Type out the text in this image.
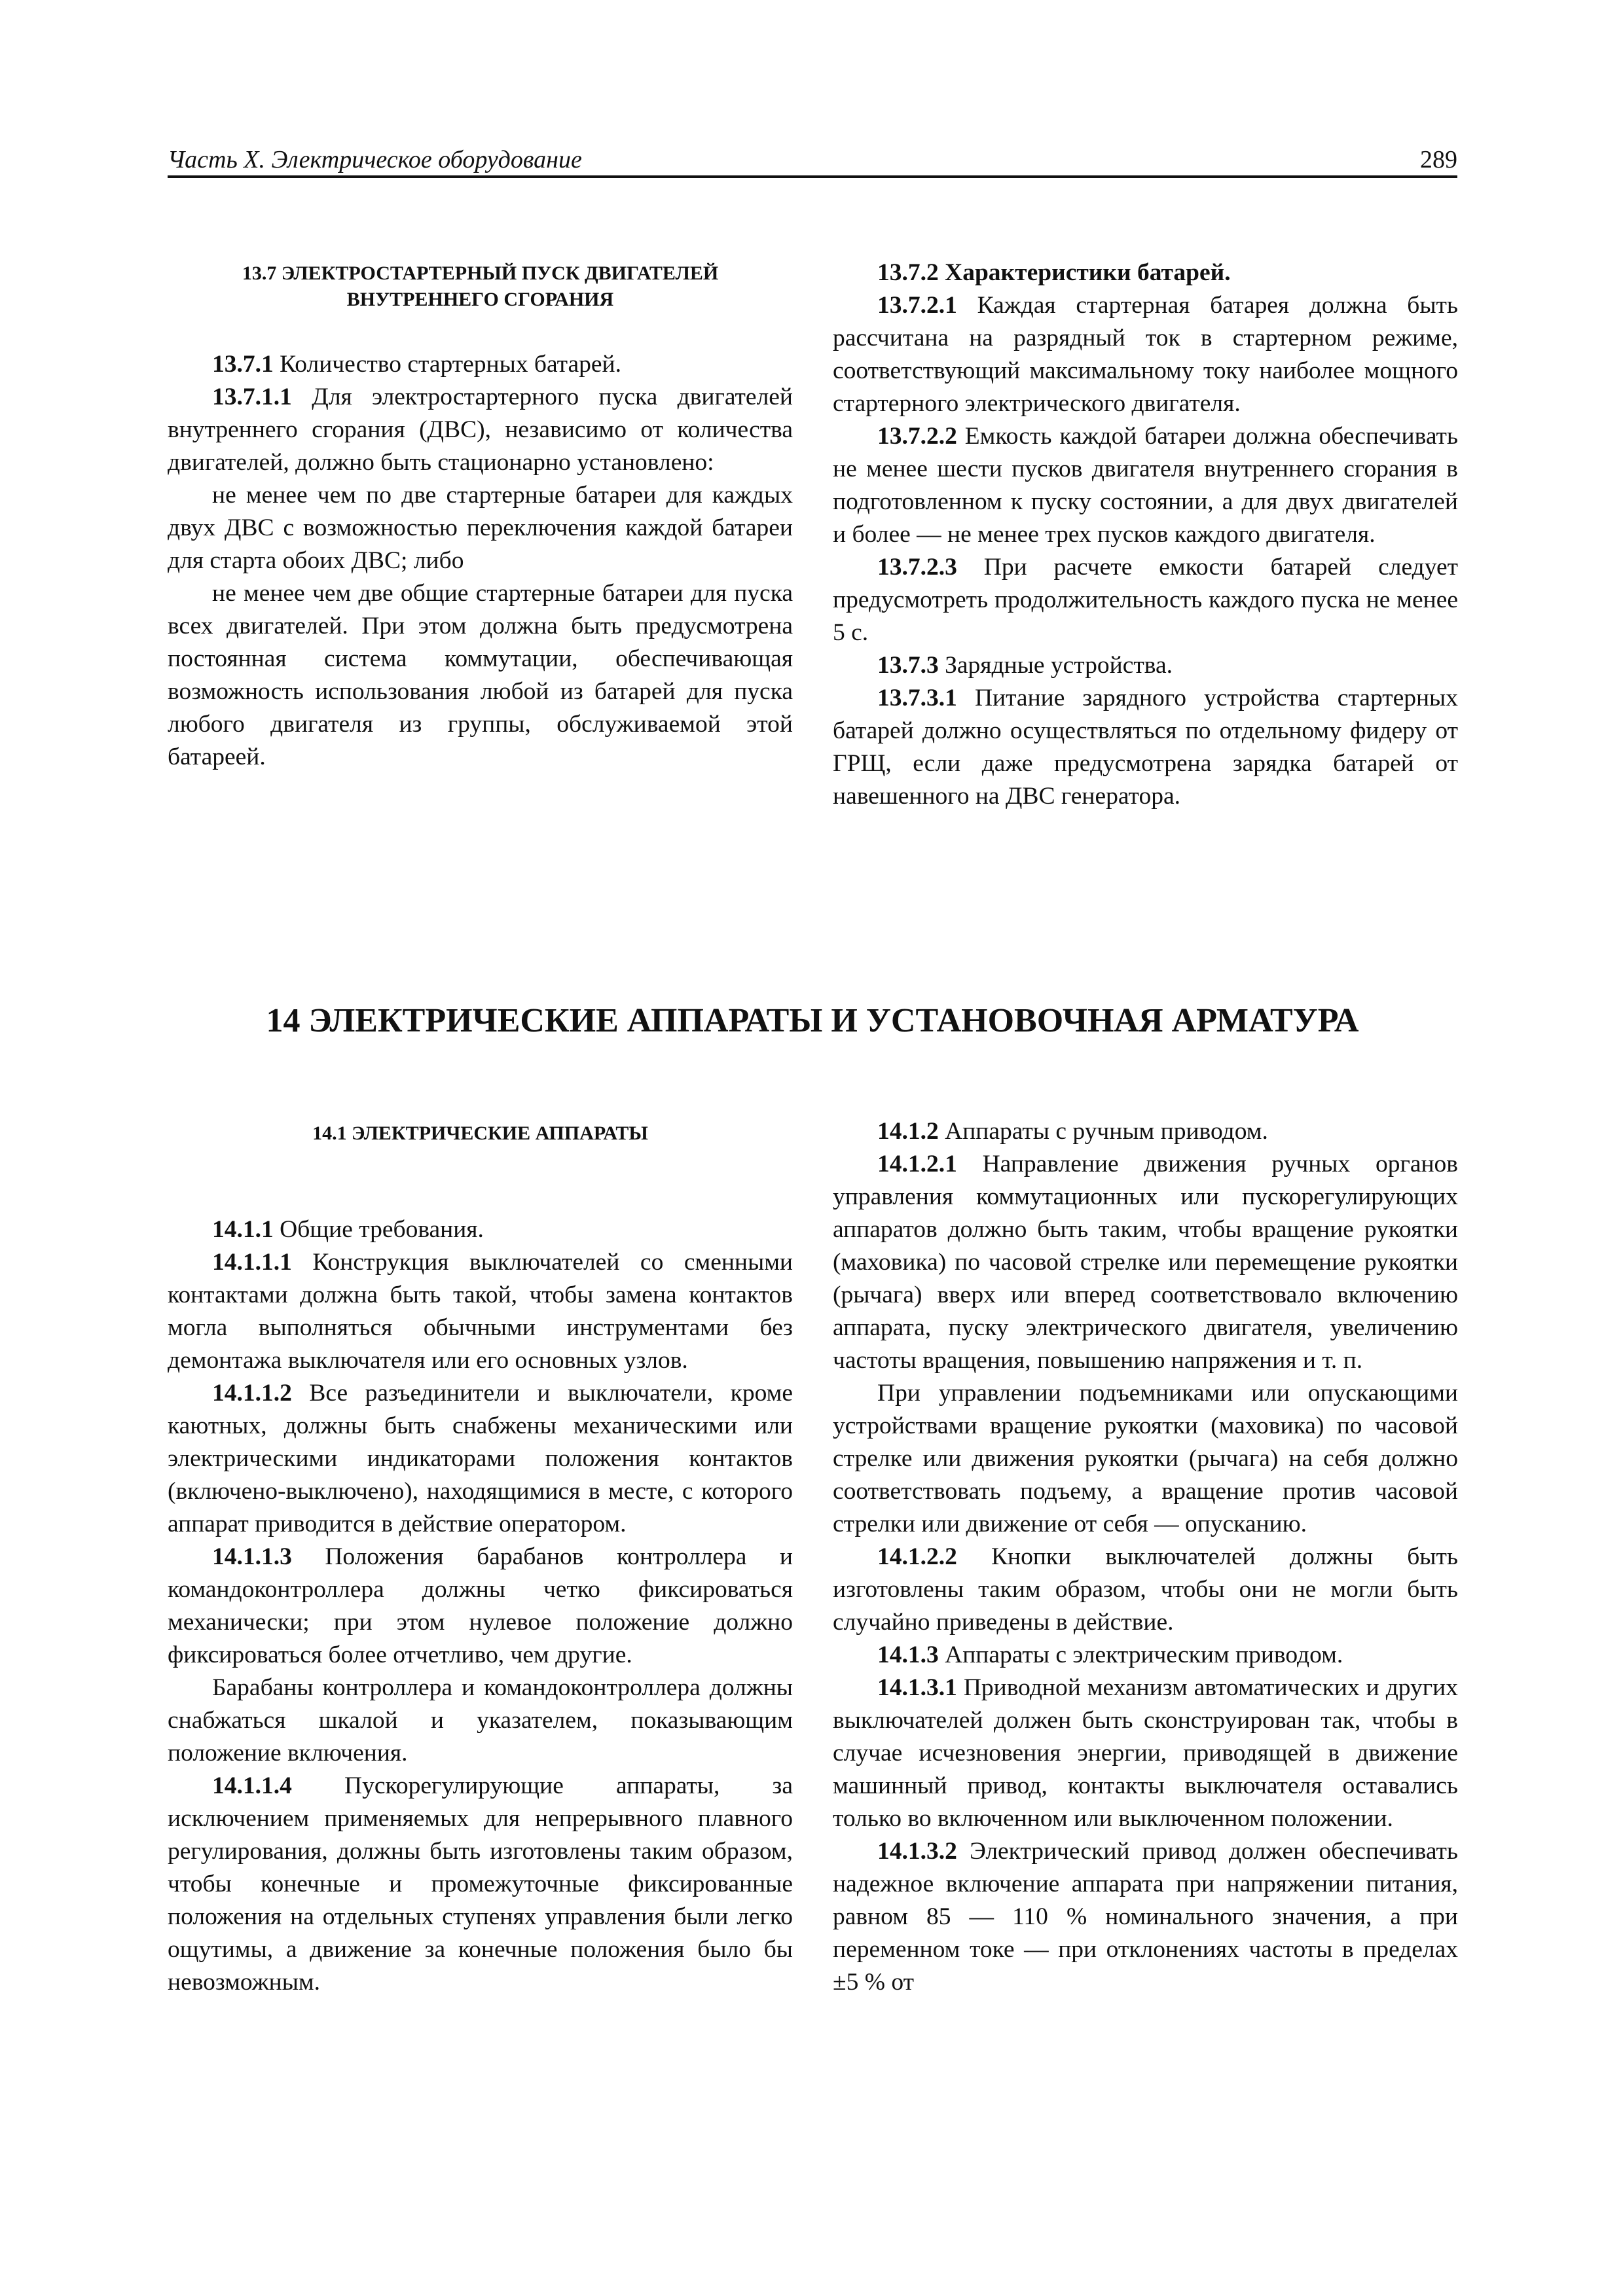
Часть X. Электрическое оборудование	289

13.7 ЭЛЕКТРОСТАРТЕРНЫЙ ПУСК ДВИГАТЕЛЕЙ
ВНУТРЕННЕГО СГОРАНИЯ

13.7.1 Количество стартерных батарей.

13.7.1.1 Для электростартерного пуска двигателей внутреннего сгорания (ДВС), независимо от количества двигателей, должно быть стационарно установлено:

не менее чем по две стартерные батареи для каждых двух ДВС с возможностью переключения каждой батареи для старта обоих ДВС; либо

не менее чем две общие стартерные батареи для пуска всех двигателей. При этом должна быть предусмотрена постоянная система коммутации, обеспечивающая возможность использования любой из батарей для пуска любого двигателя из группы, обслуживаемой этой батареей.

13.7.2 Характеристики батарей.

13.7.2.1 Каждая стартерная батарея должна быть рассчитана на разрядный ток в стартерном режиме, соответствующий максимальному току наиболее мощного стартерного электрического двигателя.

13.7.2.2 Емкость каждой батареи должна обеспечивать не менее шести пусков двигателя внутреннего сгорания в подготовленном к пуску состоянии, а для двух двигателей и более — не менее трех пусков каждого двигателя.

13.7.2.3 При расчете емкости батарей следует предусмотреть продолжительность каждого пуска не менее 5 с.

13.7.3 Зарядные устройства.

13.7.3.1 Питание зарядного устройства стартерных батарей должно осуществляться по отдельному фидеру от ГРЩ, если даже предусмотрена зарядка батарей от навешенного на ДВС генератора.

14 ЭЛЕКТРИЧЕСКИЕ АППАРАТЫ И УСТАНОВОЧНАЯ АРМАТУРА

14.1 ЭЛЕКТРИЧЕСКИЕ АППАРАТЫ

14.1.1 Общие требования.

14.1.1.1 Конструкция выключателей со сменными контактами должна быть такой, чтобы замена контактов могла выполняться обычными инструментами без демонтажа выключателя или его основных узлов.

14.1.1.2 Все разъединители и выключатели, кроме каютных, должны быть снабжены механическими или электрическими индикаторами положения контактов (включено-выключено), находящимися в месте, с которого аппарат приводится в действие оператором.

14.1.1.3 Положения барабанов контроллера и командоконтроллера должны четко фиксироваться механически; при этом нулевое положение должно фиксироваться более отчетливо, чем другие.

Барабаны контроллера и командоконтроллера должны снабжаться шкалой и указателем, показывающим положение включения.

14.1.1.4 Пускорегулирующие аппараты, за исключением применяемых для непрерывного плавного регулирования, должны быть изготовлены таким образом, чтобы конечные и промежуточные фиксированные положения на отдельных ступенях управления были легко ощутимы, а движение за конечные положения было бы невозможным.

14.1.2 Аппараты с ручным приводом.

14.1.2.1 Направление движения ручных органов управления коммутационных или пускорегулирующих аппаратов должно быть таким, чтобы вращение рукоятки (маховика) по часовой стрелке или перемещение рукоятки (рычага) вверх или вперед соответствовало включению аппарата, пуску электрического двигателя, увеличению частоты вращения, повышению напряжения и т. п.

При управлении подъемниками или опускающими устройствами вращение рукоятки (маховика) по часовой стрелке или движения рукоятки (рычага) на себя должно соответствовать подъему, а вращение против часовой стрелки или движение от себя — опусканию.

14.1.2.2 Кнопки выключателей должны быть изготовлены таким образом, чтобы они не могли быть случайно приведены в действие.

14.1.3 Аппараты с электрическим приводом.

14.1.3.1 Приводной механизм автоматических и других выключателей должен быть сконструирован так, чтобы в случае исчезновения энергии, приводящей в движение машинный привод, контакты выключателя оставались только во включенном или выключенном положении.

14.1.3.2 Электрический привод должен обеспечивать надежное включение аппарата при напряжении питания, равном 85 — 110 % номинального значения, а при переменном токе — при отклонениях частоты в пределах ±5 % от
